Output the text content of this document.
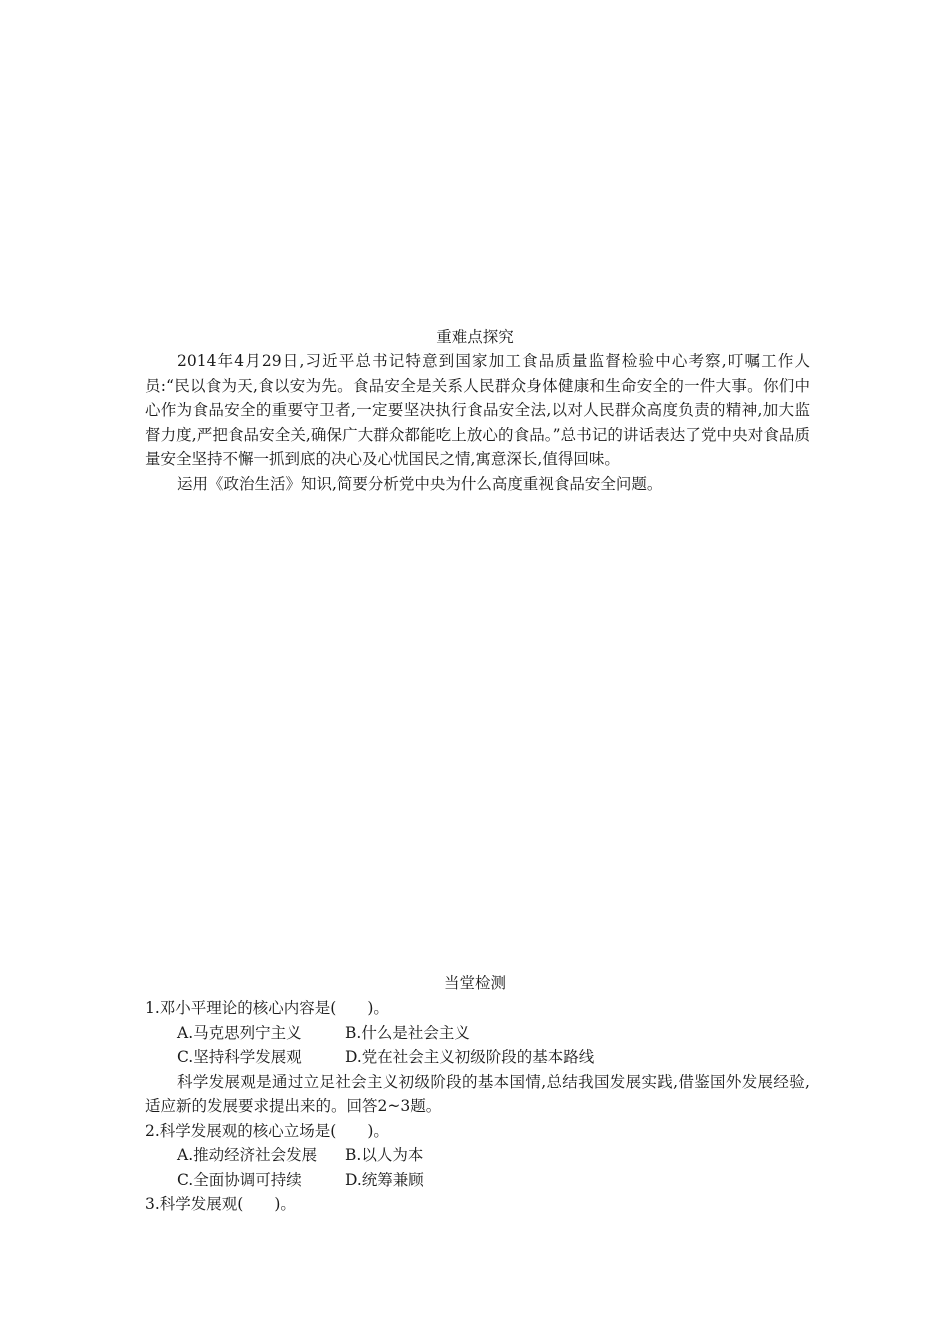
重难点探究

2014年4月29日,习近平总书记特意到国家加工食品质量监督检验中心考察,叮嘱工作人员:“民以食为天,食以安为先。食品安全是关系人民群众身体健康和生命安全的一件大事。你们中心作为食品安全的重要守卫者,一定要坚决执行食品安全法,以对人民群众高度负责的精神,加大监督力度,严把食品安全关,确保广大群众都能吃上放心的食品。”总书记的讲话表达了党中央对食品质量安全坚持不懈一抓到底的决心及心忧国民之情,寓意深长,值得回味。

运用《政治生活》知识,简要分析党中央为什么高度重视食品安全问题。

当堂检测
1.邓小平理论的核心内容是(　　)。
A.马克思列宁主义	B.什么是社会主义
C.坚持科学发展观	D.党在社会主义初级阶段的基本路线

科学发展观是通过立足社会主义初级阶段的基本国情,总结我国发展实践,借鉴国外发展经验,适应新的发展要求提出来的。回答2~3题。

2.科学发展观的核心立场是(　　)。
A.推动经济社会发展 B.以人为本
C.全面协调可持续	D.统筹兼顾
3.科学发展观(　　)。
